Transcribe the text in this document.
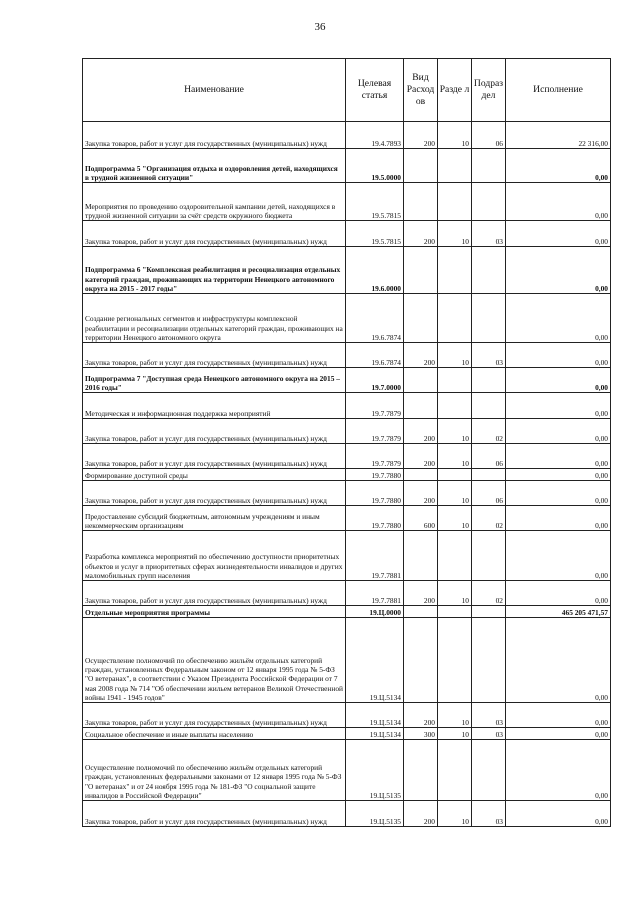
36
Наименование	Целевая статья	Вид Расход ов	Разде л	Подраз дел	Исполнение
Закупка товаров, работ и услуг для государственных (муниципальных) нужд	19.4.7893	200	10	06	22 316,00
Подпрограмма 5 "Организация отдыха и оздоровления детей, находящихся в трудной жизненной ситуации"	19.5.0000				0,00
Мероприятия по проведению оздоровительной кампании детей, находящихся в трудной жизненной ситуации за счёт средств окружного бюджета	19.5.7815				0,00
Закупка товаров, работ и услуг для государственных (муниципальных) нужд	19.5.7815	200	10	03	0,00
Подпрограмма 6 "Комплексная реабилитация и ресоциализация отдельных категорий граждан, проживающих на территории Ненецкого автономного округа на 2015 - 2017 годы"	19.6.0000				0,00
Создание региональных сегментов и инфраструктуры комплексной реабилитации и ресоциализации отдельных категорий граждан, проживающих на территории Ненецкого автономного округа	19.6.7874				0,00
Закупка товаров, работ и услуг для государственных (муниципальных) нужд	19.6.7874	200	10	03	0,00
Подпрограмма 7 "Доступная среда Ненецкого автономного округа на 2015 – 2016 годы"	19.7.0000				0,00
Методическая и информационная поддержка мероприятий	19.7.7879				0,00
Закупка товаров, работ и услуг для государственных (муниципальных) нужд	19.7.7879	200	10	02	0,00
Закупка товаров, работ и услуг для государственных (муниципальных) нужд	19.7.7879	200	10	06	0,00
Формирование доступной среды	19.7.7880				0,00
Закупка товаров, работ и услуг для государственных (муниципальных) нужд	19.7.7880	200	10	06	0,00
Предоставление субсидий бюджетным, автономным учреждениям и иным некоммерческим организациям	19.7.7880	600	10	02	0,00
Разработка комплекса мероприятий по обеспечению доступности приоритетных объектов и услуг в приоритетных сферах жизнедеятельности инвалидов и других маломобильных групп населения	19.7.7881				0,00
Закупка товаров, работ и услуг для государственных (муниципальных) нужд	19.7.7881	200	10	02	0,00
Отдельные мероприятия программы	19.Ц.0000				465 205 471,57
Осуществление полномочий по обеспечению жильём отдельных категорий граждан, установленных Федеральным законом от 12 января 1995 года № 5-ФЗ "О ветеранах", в соответствии с Указом Президента Российской Федерации от 7 мая 2008 года № 714 "Об обеспечении жильем ветеранов Великой Отечественной войны 1941 - 1945 годов"	19.Ц.5134				0,00
Закупка товаров, работ и услуг для государственных (муниципальных) нужд	19.Ц.5134	200	10	03	0,00
Социальное обеспечение и иные выплаты населению	19.Ц.5134	300	10	03	0,00
Осуществление полномочий по обеспечению жильём отдельных категорий граждан, установленных федеральными законами от 12 января 1995 года № 5-ФЗ "О ветеранах" и от 24 ноября 1995 года № 181-ФЗ "О социальной защите инвалидов в Российской Федерации"	19.Ц.5135				0,00
Закупка товаров, работ и услуг для государственных (муниципальных) нужд	19.Ц.5135	200	10	03	0,00
